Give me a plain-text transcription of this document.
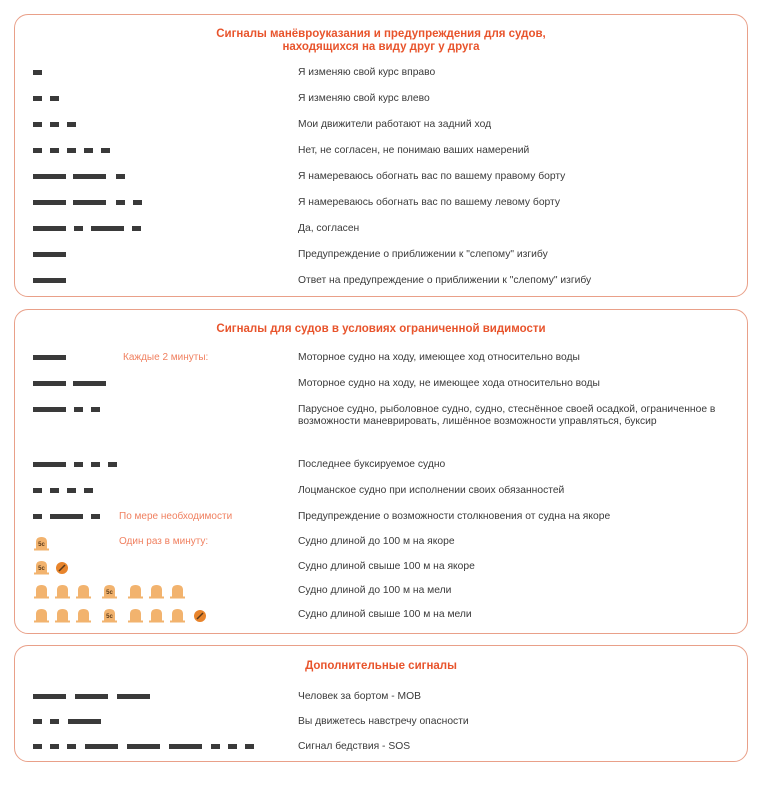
Сигналы манёвроуказания и предупреждения для судов,
находящихся на виду друг у друга
Я изменяю свой курс вправо
Я изменяю свой курс влево
Мои движители работают на задний ход
Нет, не согласен, не понимаю ваших намерений
Я намереваюсь обогнать вас по вашему правому борту
Я намереваюсь обогнать вас по вашему левому борту
Да, согласен
Предупреждение о приближении к "слепому" изгибу
Ответ на предупреждение о приближении к "слепому" изгибу
Сигналы для судов в условиях ограниченной видимости
Каждые 2 минуты:	Моторное судно на ходу, имеющее ход относительно воды
Моторное судно на ходу, не имеющее хода относительно воды
Парусное судно, рыболовное судно, судно, стеснённое своей осадкой, ограниченное в возможности маневрировать, лишённое возможности управляться, буксир
Последнее буксируемое судно
Лоцманское судно при исполнении своих обязанностей
По мере необходимости	Предупреждение о возможности столкновения от судна на якоре
5c	Один раз в минуту:	Судно длиной до 100 м на якоре
5c	Судно длиной свыше 100 м на якоре
5c	Судно длиной до 100 м на мели
5c	Судно длиной свыше 100 м на мели
Дополнительные сигналы
Человек за бортом - MOB
Вы движетесь навстречу опасности
Сигнал бедствия - SOS
